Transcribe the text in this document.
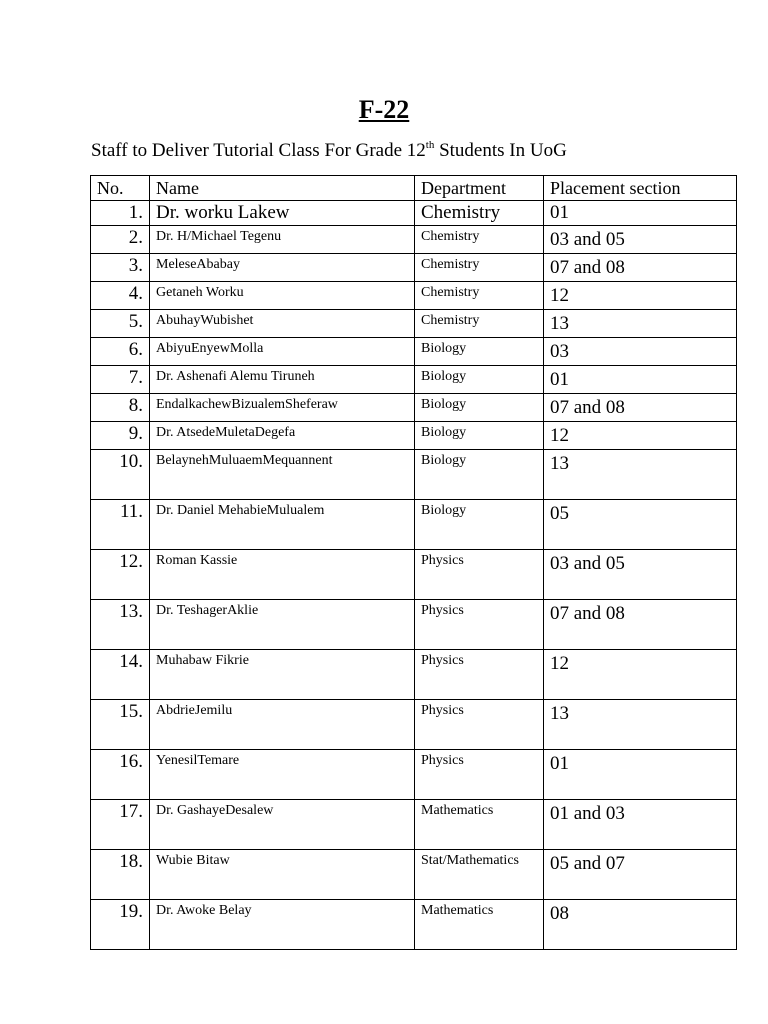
F-22
Staff to Deliver Tutorial Class For Grade 12th Students In UoG
No.	Name	Department	Placement section
1.	Dr. worku Lakew	Chemistry	01
2.	Dr. H/Michael Tegenu	Chemistry	03 and 05
3.	MeleseAbabay	Chemistry	07 and 08
4.	Getaneh Worku	Chemistry	12
5.	AbuhayWubishet	Chemistry	13
6.	AbiyuEnyewMolla	Biology	03
7.	Dr. Ashenafi Alemu Tiruneh	Biology	01
8.	EndalkachewBizualemSheferaw	Biology	07 and 08
9.	Dr. AtsedeMuletaDegefa	Biology	12
10.	BelaynehMuluaemMequannent	Biology	13
11.	Dr. Daniel MehabieMulualem	Biology	05
12.	Roman Kassie	Physics	03 and 05
13.	Dr. TeshagerAklie	Physics	07 and 08
14.	Muhabaw Fikrie	Physics	12
15.	AbdrieJemilu	Physics	13
16.	YenesilTemare	Physics	01
17.	Dr. GashayeDesalew	Mathematics	01 and 03
18.	Wubie Bitaw	Stat/Mathematics	05 and 07
19.	Dr. Awoke Belay	Mathematics	08
